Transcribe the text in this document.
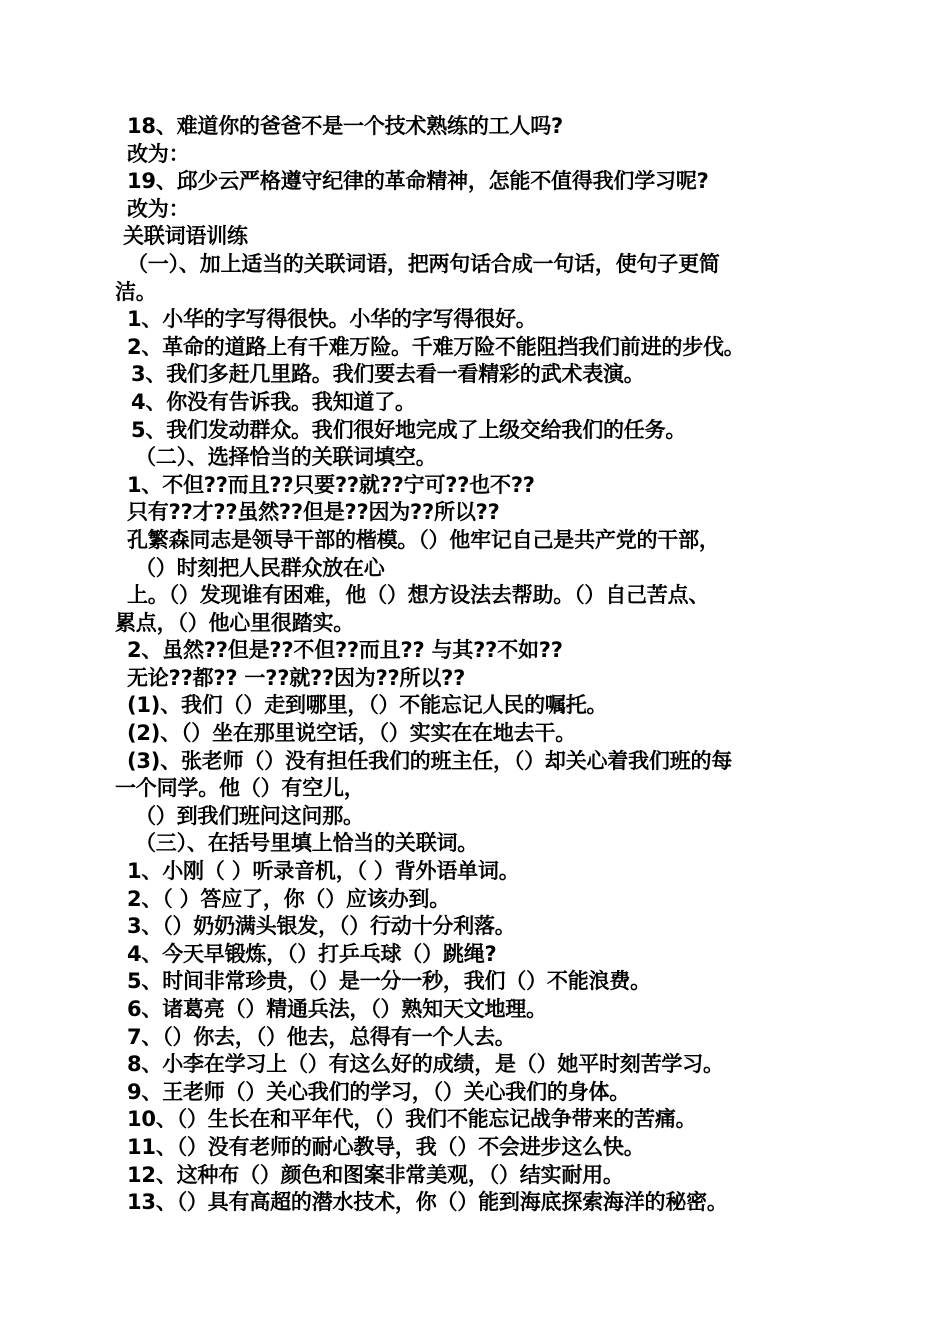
18、难道你的爸爸不是一个技术熟练的工人吗?
改为：
19、邱少云严格遵守纪律的革命精神，怎能不值得我们学习呢?
改为：
关联词语训练
（一）、加上适当的关联词语，把两句话合成一句话，使句子更简
洁。
1、小华的字写得很快。小华的字写得很好。
2、革命的道路上有千难万险。千难万险不能阻挡我们前进的步伐。
3、我们多赶几里路。我们要去看一看精彩的武术表演。
4、你没有告诉我。我知道了。
5、我们发动群众。我们很好地完成了上级交给我们的任务。
（二）、选择恰当的关联词填空。
1、不但??而且??只要??就??宁可??也不??
只有??才??虽然??但是??因为??所以??
孔繁森同志是领导干部的楷模。（）他牢记自己是共产党的干部，
（）时刻把人民群众放在心
上。（）发现谁有困难，他（）想方设法去帮助。（）自己苦点、
累点，（）他心里很踏实。
2、虽然??但是??不但??而且?? 与其??不如??
无论??都?? 一??就??因为??所以??
(1)、我们（）走到哪里，（）不能忘记人民的嘱托。
(2)、（）坐在那里说空话，（）实实在在地去干。
(3)、张老师（）没有担任我们的班主任，（）却关心着我们班的每
一个同学。他（）有空儿，
（）到我们班问这问那。
（三）、在括号里填上恰当的关联词。
1、小刚（ ）听录音机，（ ）背外语单词。
2、（ ）答应了，你（）应该办到。
3、（）奶奶满头银发，（）行动十分利落。
4、今天早锻炼，（）打乒乓球（）跳绳?
5、时间非常珍贵，（）是一分一秒，我们（）不能浪费。
6、诸葛亮（）精通兵法，（）熟知天文地理。
7、（）你去，（）他去，总得有一个人去。
8、小李在学习上（）有这么好的成绩，是（）她平时刻苦学习。
9、王老师（）关心我们的学习，（）关心我们的身体。
10、（）生长在和平年代，（）我们不能忘记战争带来的苦痛。
11、（）没有老师的耐心教导，我（）不会进步这么快。
12、这种布（）颜色和图案非常美观，（）结实耐用。
13、（）具有高超的潜水技术，你（）能到海底探索海洋的秘密。
